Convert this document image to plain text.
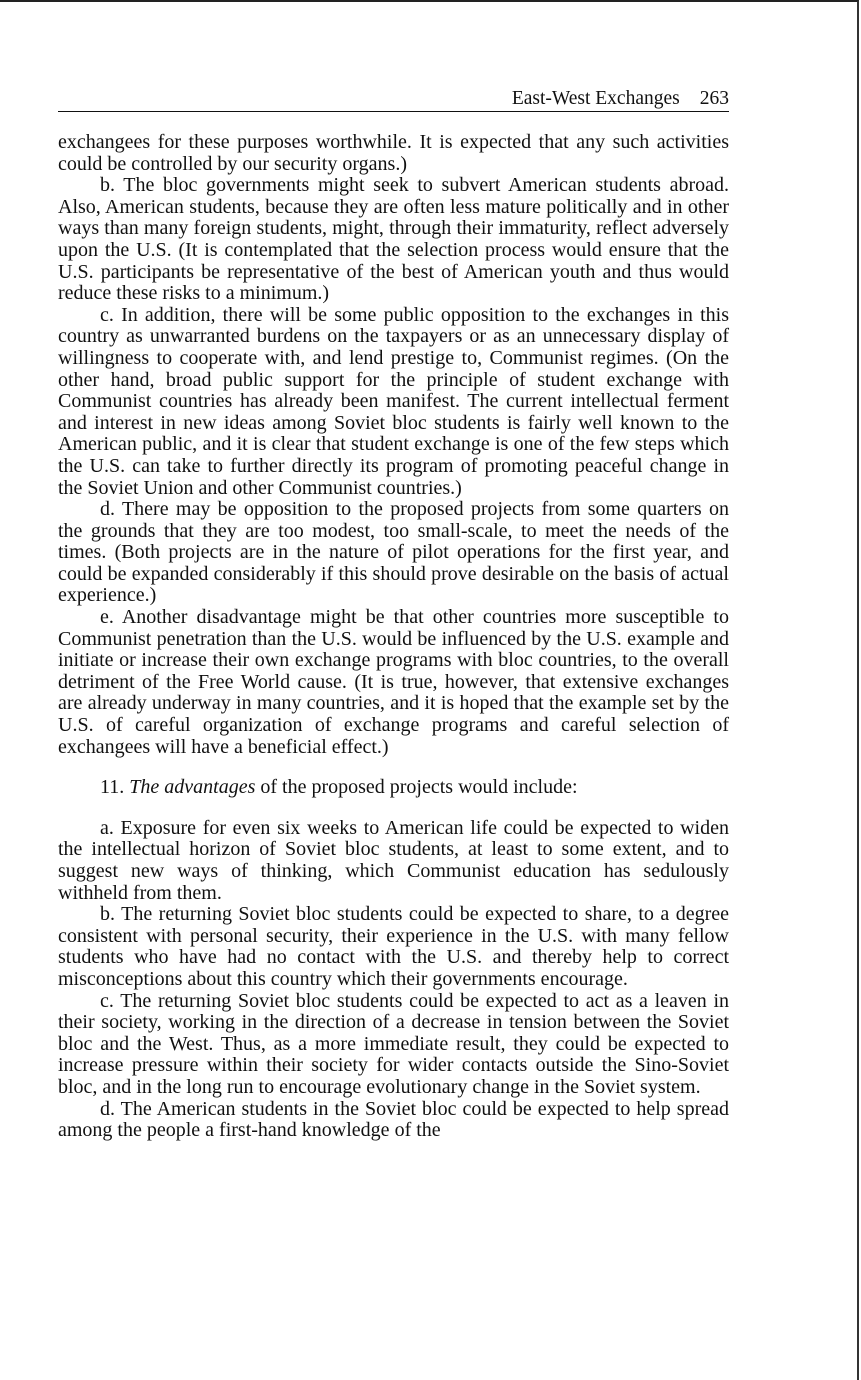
East-West Exchanges 263

exchangees for these purposes worthwhile. It is expected that any such activities could be controlled by our security organs.)

b. The bloc governments might seek to subvert American students abroad. Also, American students, because they are often less mature politically and in other ways than many foreign students, might, through their immaturity, reflect adversely upon the U.S. (It is contemplated that the selection process would ensure that the U.S. participants be representative of the best of American youth and thus would reduce these risks to a minimum.)

c. In addition, there will be some public opposition to the exchanges in this country as unwarranted burdens on the taxpayers or as an unnecessary display of willingness to cooperate with, and lend prestige to, Communist regimes. (On the other hand, broad public support for the principle of student exchange with Communist countries has already been manifest. The current intellectual ferment and interest in new ideas among Soviet bloc students is fairly well known to the American public, and it is clear that student exchange is one of the few steps which the U.S. can take to further directly its program of promoting peaceful change in the Soviet Union and other Communist countries.)

d. There may be opposition to the proposed projects from some quarters on the grounds that they are too modest, too small-scale, to meet the needs of the times. (Both projects are in the nature of pilot operations for the first year, and could be expanded considerably if this should prove desirable on the basis of actual experience.)

e. Another disadvantage might be that other countries more susceptible to Communist penetration than the U.S. would be influenced by the U.S. example and initiate or increase their own exchange programs with bloc countries, to the overall detriment of the Free World cause. (It is true, however, that extensive exchanges are already underway in many countries, and it is hoped that the example set by the U.S. of careful organization of exchange programs and careful selection of exchangees will have a beneficial effect.)

11. The advantages of the proposed projects would include:

a. Exposure for even six weeks to American life could be expected to widen the intellectual horizon of Soviet bloc students, at least to some extent, and to suggest new ways of thinking, which Communist education has sedulously withheld from them.

b. The returning Soviet bloc students could be expected to share, to a degree consistent with personal security, their experience in the U.S. with many fellow students who have had no contact with the U.S. and thereby help to correct misconceptions about this country which their governments encourage.

c. The returning Soviet bloc students could be expected to act as a leaven in their society, working in the direction of a decrease in tension between the Soviet bloc and the West. Thus, as a more immediate result, they could be expected to increase pressure within their society for wider contacts outside the Sino-Soviet bloc, and in the long run to encourage evolutionary change in the Soviet system.

d. The American students in the Soviet bloc could be expected to help spread among the people a first-hand knowledge of the
